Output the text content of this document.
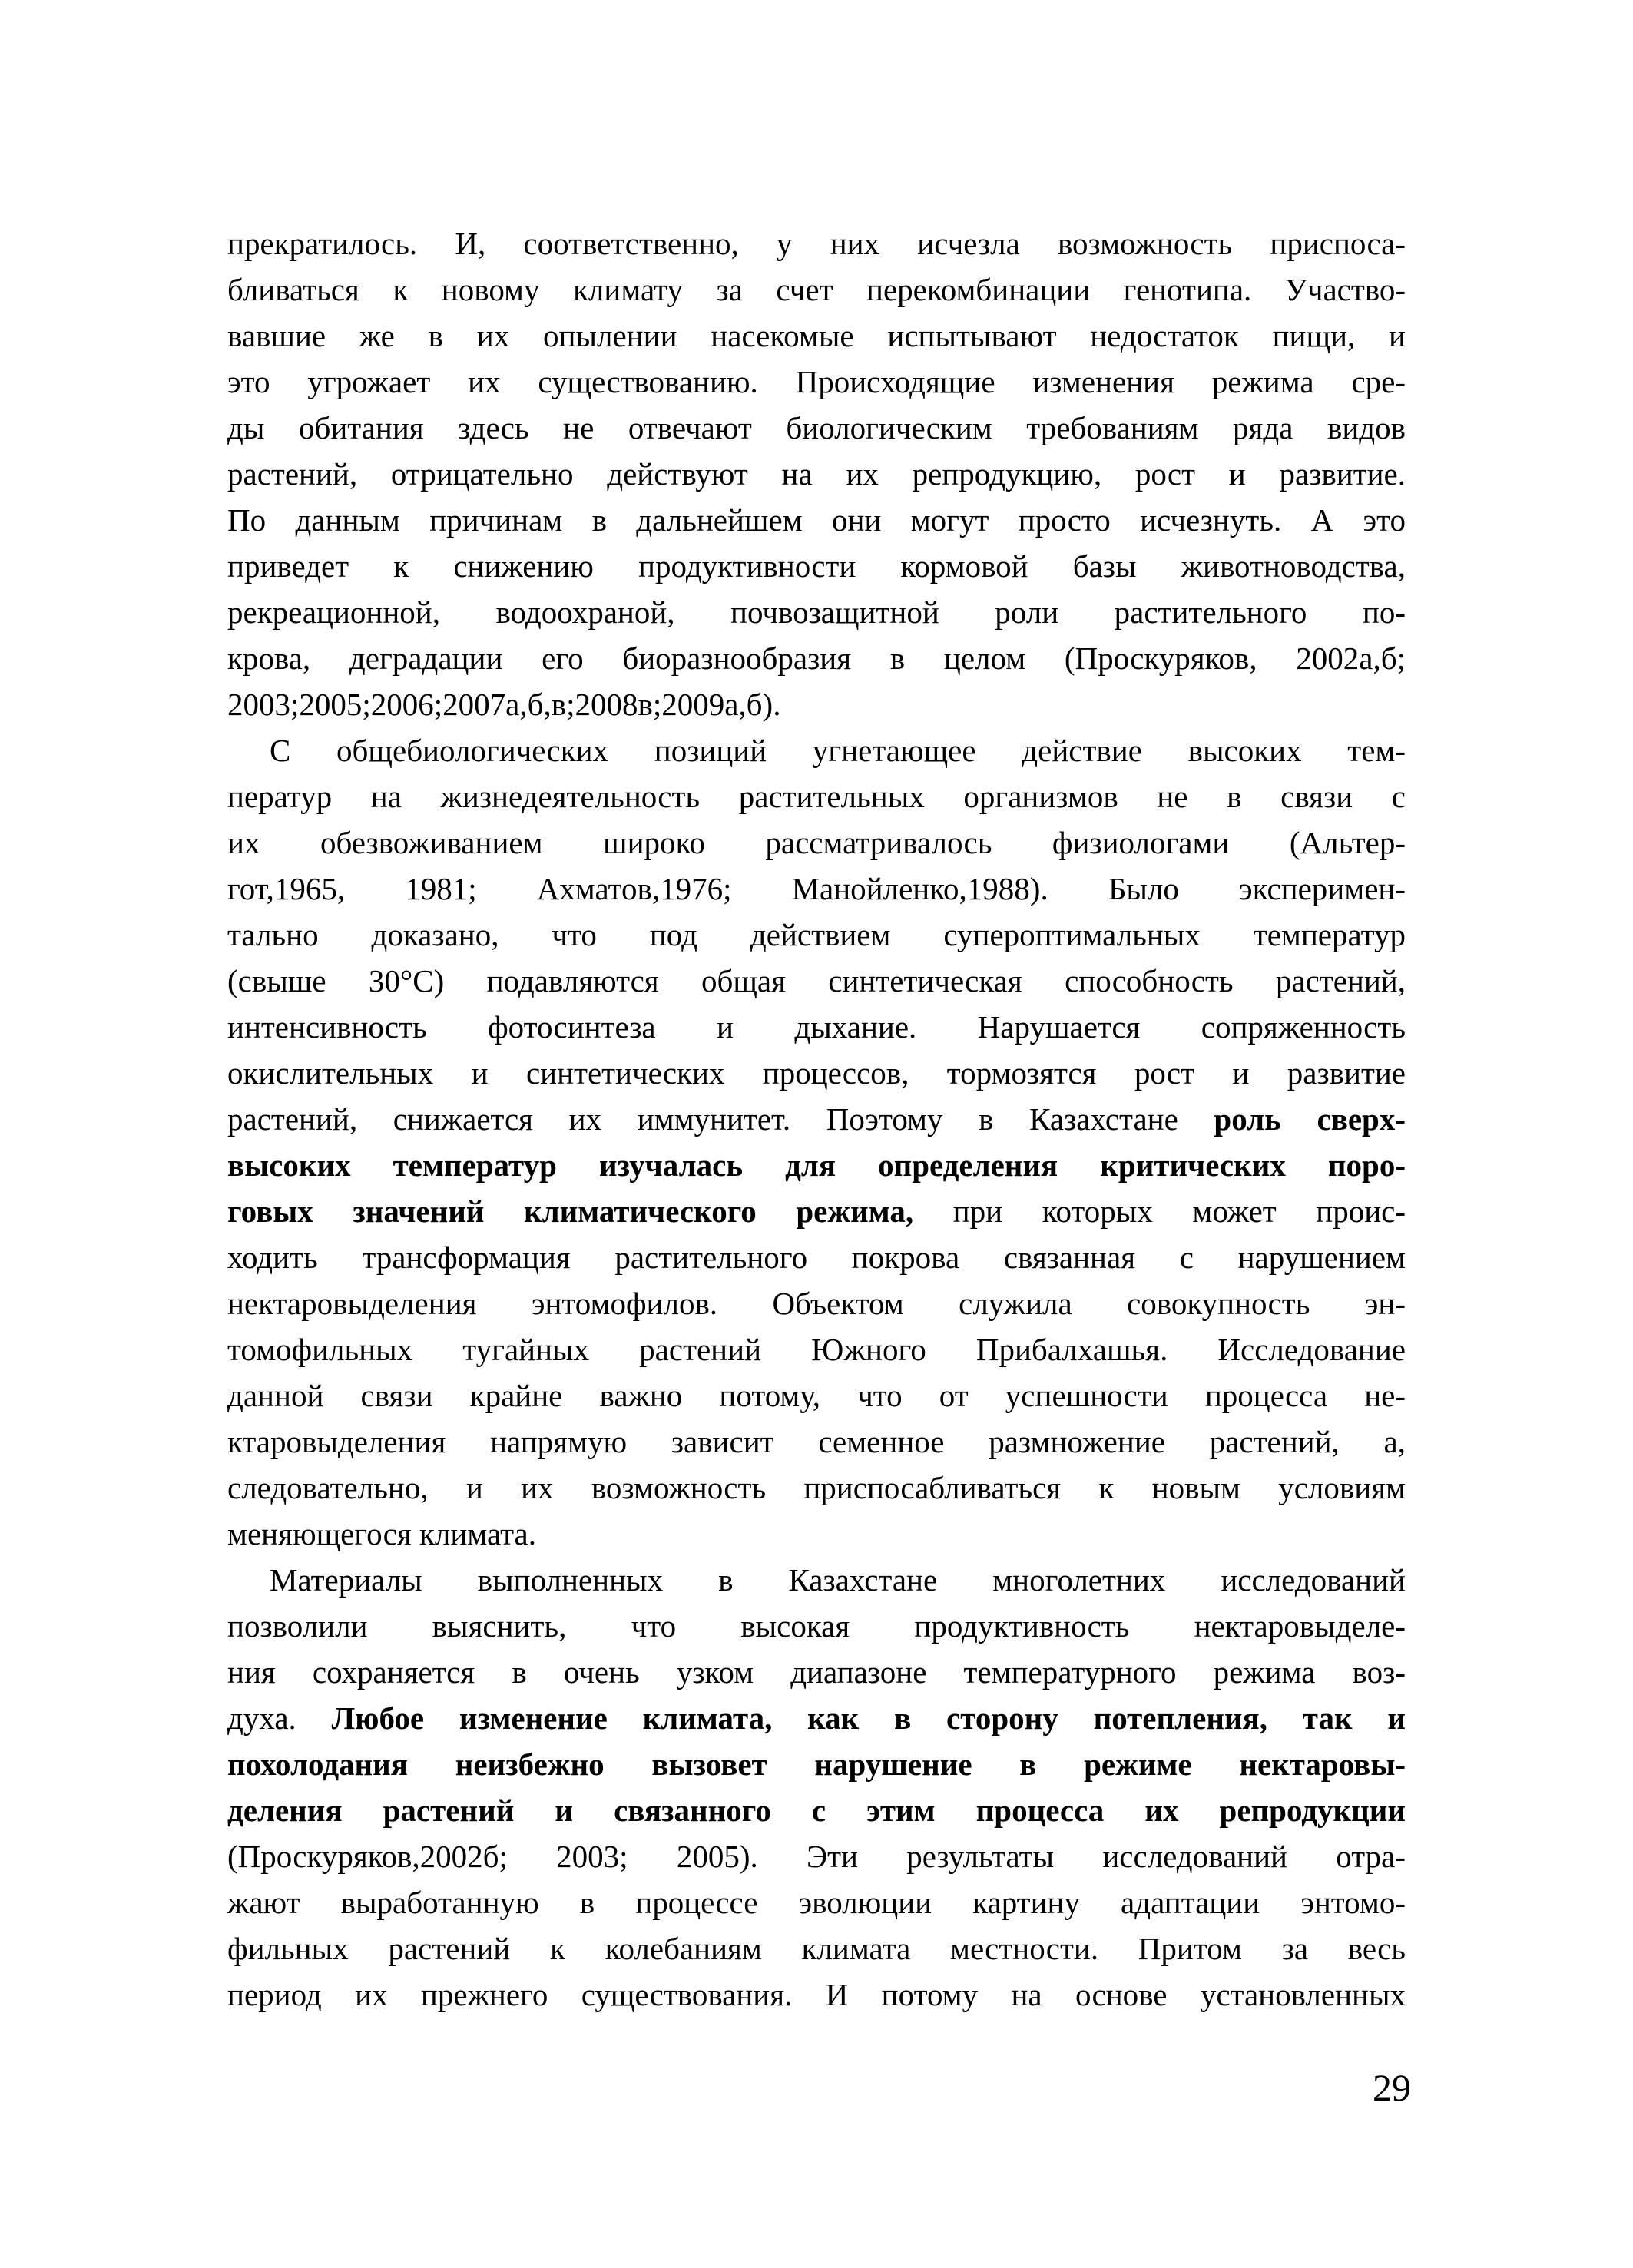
прекратилось. И, соответственно, у них исчезла возможность приспоса-
бливаться к новому климату за счет перекомбинации генотипа. Участво-
вавшие же в их опылении насекомые испытывают недостаток пищи, и
это угрожает их существованию. Происходящие изменения режима сре-
ды обитания здесь не отвечают биологическим требованиям ряда видов
растений, отрицательно действуют на их репродукцию, рост и развитие.
По данным причинам в дальнейшем они могут просто исчезнуть. А это
приведет к снижению продуктивности кормовой базы животноводства,
рекреационной, водоохраной, почвозащитной роли растительного по-
крова, деградации его биоразнообразия в целом (Проскуряков, 2002а,б;
2003;2005;2006;2007а,б,в;2008в;2009а,б).
С общебиологических позиций угнетающее действие высоких тем-
ператур на жизнедеятельность растительных организмов не в связи с
их обезвоживанием широко рассматривалось физиологами (Альтер-
гот,1965, 1981; Ахматов,1976; Манойленко,1988). Было эксперимен-
тально доказано, что под действием супероптимальных температур
(свыше 30°С) подавляются общая синтетическая способность растений,
интенсивность фотосинтеза и дыхание. Нарушается сопряженность
окислительных и синтетических процессов, тормозятся рост и развитие
растений, снижается их иммунитет. Поэтому в Казахстане роль сверх-
высоких температур изучалась для определения критических поро-
говых значений климатического режима, при которых может проис-
ходить трансформация растительного покрова связанная с нарушением
нектаровыделения энтомофилов. Объектом служила совокупность эн-
томофильных тугайных растений Южного Прибалхашья. Исследование
данной связи крайне важно потому, что от успешности процесса не-
ктаровыделения напрямую зависит семенное размножение растений, а,
следовательно, и их возможность приспосабливаться к новым условиям
меняющегося климата.
Материалы выполненных в Казахстане многолетних исследований
позволили выяснить, что высокая продуктивность нектаровыделе-
ния сохраняется в очень узком диапазоне температурного режима воз-
духа. Любое изменение климата, как в сторону потепления, так и
похолодания неизбежно вызовет нарушение в режиме нектаровы-
деления растений и связанного с этим процесса их репродукции
(Проскуряков,2002б; 2003; 2005). Эти результаты исследований отра-
жают выработанную в процессе эволюции картину адаптации энтомо-
фильных растений к колебаниям климата местности. Притом за весь
период их прежнего существования. И потому на основе установленных
29
